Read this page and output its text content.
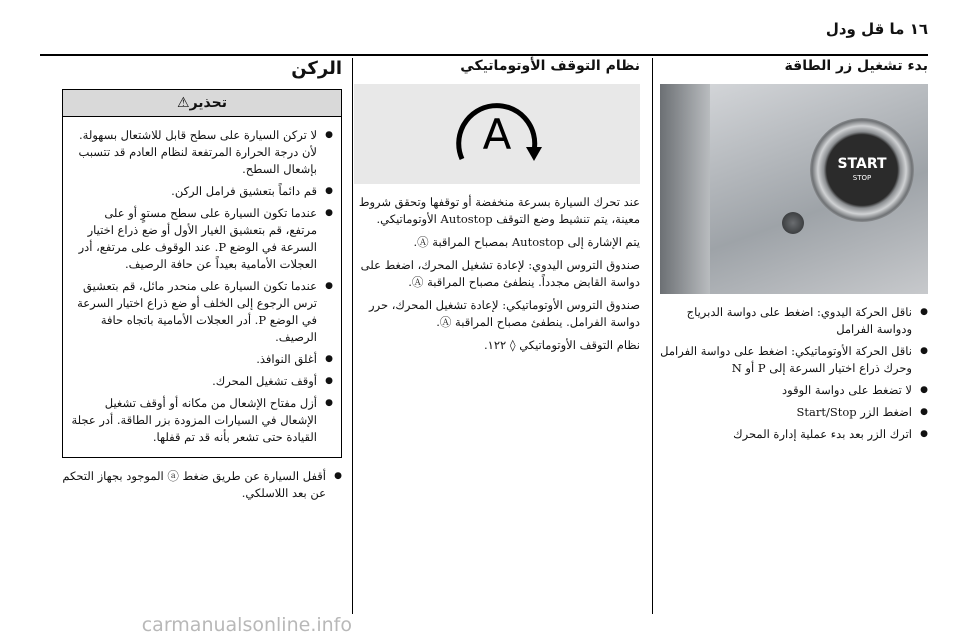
١٦ ما قل ودل
بدء تشغيل زر الطاقة
START
STOP
● ناقل الحركة اليدوي: اضغط على دواسة الدبرياج ودواسة الفرامل
● ناقل الحركة الأوتوماتيكي: اضغط على دواسة الفرامل وحرك ذراع اختيار السرعة إلى P أو N
● لا تضغط على دواسة الوقود
● اضغط الزر Start/Stop
● اترك الزر بعد بدء عملية إدارة المحرك
نظام التوقف الأوتوماتيكي
A

عند تحرك السيارة بسرعة منخفضة أو توقفها وتحقق شروط معينة، يتم تنشيط وضع التوقف Autostop الأوتوماتيكي.

يتم الإشارة إلى Autostop بمصباح المراقبة Ⓐ.

صندوق التروس اليدوي: لإعادة تشغيل المحرك، اضغط على دواسة القابض مجدداً. ينطفئ مصباح المراقبة Ⓐ.

صندوق التروس الأوتوماتيكي: لإعادة تشغيل المحرك، حرر دواسة الفرامل. ينطفئ مصباح المراقبة Ⓐ.

نظام التوقف الأوتوماتيكي ◊ ١٢٢.

الركن
تحذير⚠
● لا تركن السيارة على سطح قابل للاشتعال بسهولة. لأن درجة الحرارة المرتفعة لنظام العادم قد تتسبب بإشعال السطح.
● قم دائماً بتعشيق فرامل الركن.
● عندما تكون السيارة على سطح مستوٍ أو على مرتفع، قم بتعشيق الغيار الأول أو ضع ذراع اختيار السرعة في الوضع P. عند الوقوف على مرتفع، أدر العجلات الأمامية بعيداً عن حافة الرصيف.
● عندما تكون السيارة على منحدر مائل، قم بتعشيق ترس الرجوع إلى الخلف أو ضع ذراع اختيار السرعة في الوضع P. أدر العجلات الأمامية باتجاه حافة الرصيف.
● أغلق النوافذ.
● أوقف تشغيل المحرك.
● أزل مفتاح الإشعال من مكانه أو أوقف تشغيل الإشعال في السيارات المزودة بزر الطاقة. أدر عجلة القيادة حتى تشعر بأنه قد تم قفلها.
● أقفل السيارة عن طريق ضغط ⓐ الموجود بجهاز التحكم عن بعد اللاسلكي.
carmanualsonline.info
